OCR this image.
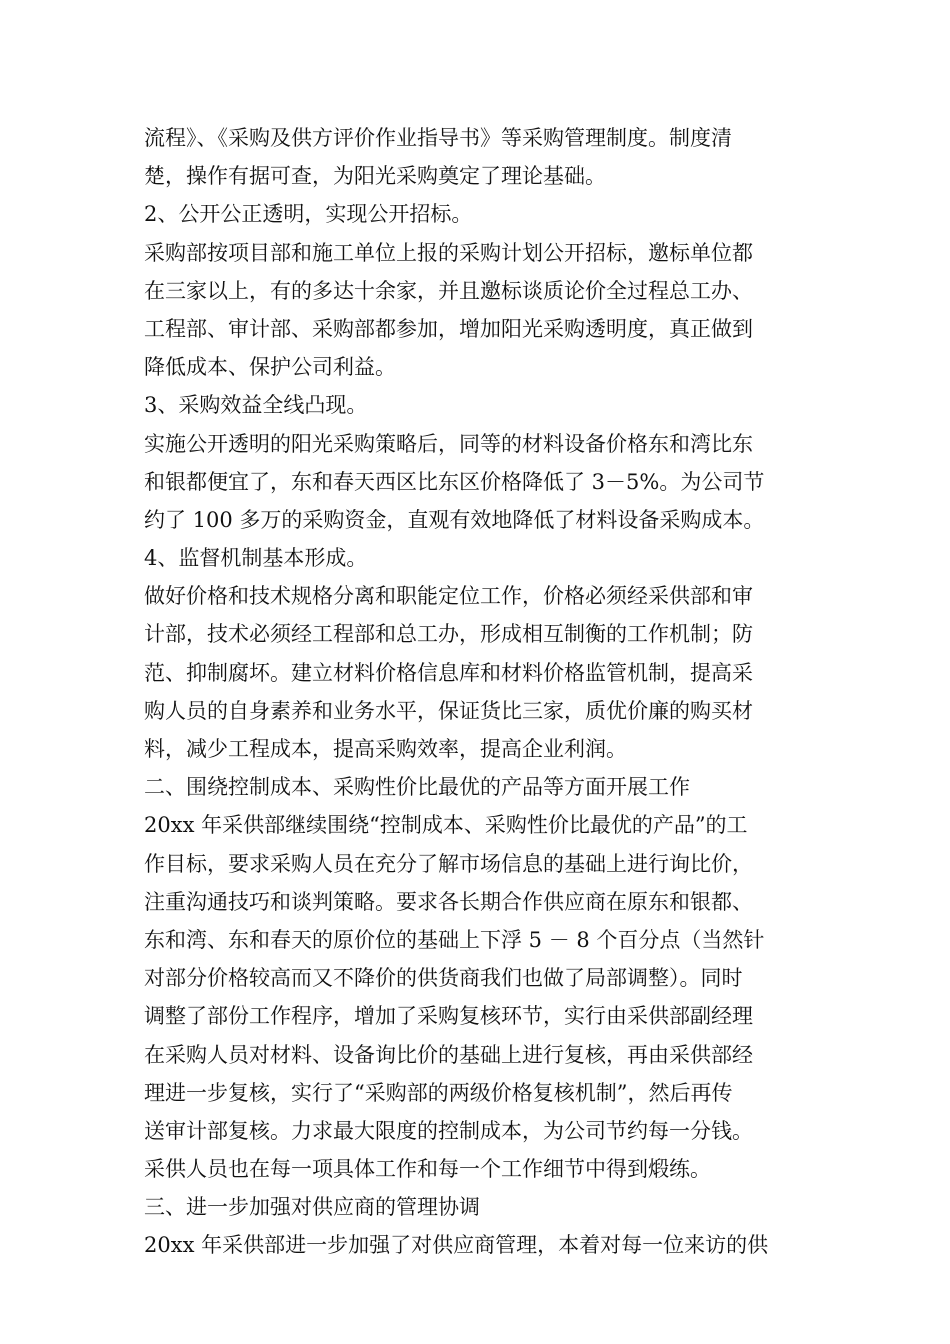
流程》、《采购及供方评价作业指导书》等采购管理制度。制度清
楚，操作有据可查，为阳光采购奠定了理论基础。
2、公开公正透明，实现公开招标。
采购部按项目部和施工单位上报的采购计划公开招标，邀标单位都
在三家以上，有的多达十余家，并且邀标谈质论价全过程总工办、
工程部、审计部、采购部都参加，增加阳光采购透明度，真正做到
降低成本、保护公司利益。
3、采购效益全线凸现。
实施公开透明的阳光采购策略后，同等的材料设备价格东和湾比东
和银都便宜了，东和春天西区比东区价格降低了 3－5%。为公司节
约了 100 多万的采购资金，直观有效地降低了材料设备采购成本。
4、监督机制基本形成。
做好价格和技术规格分离和职能定位工作，价格必须经采供部和审
计部，技术必须经工程部和总工办，形成相互制衡的工作机制；防
范、抑制腐坏。建立材料价格信息库和材料价格监管机制，提高采
购人员的自身素养和业务水平，保证货比三家，质优价廉的购买材
料，减少工程成本，提高采购效率，提高企业利润。
二、围绕控制成本、采购性价比最优的产品等方面开展工作
20xx 年采供部继续围绕“控制成本、采购性价比最优的产品”的工
作目标，要求采购人员在充分了解市场信息的基础上进行询比价，
注重沟通技巧和谈判策略。要求各长期合作供应商在原东和银都、
东和湾、东和春天的原价位的基础上下浮 5 － 8 个百分点（当然针
对部分价格较高而又不降价的供货商我们也做了局部调整）。同时
调整了部份工作程序，增加了采购复核环节，实行由采供部副经理
在采购人员对材料、设备询比价的基础上进行复核，再由采供部经
理进一步复核，实行了“采购部的两级价格复核机制”，然后再传
送审计部复核。力求最大限度的控制成本，为公司节约每一分钱。
采供人员也在每一项具体工作和每一个工作细节中得到煅练。
三、进一步加强对供应商的管理协调
20xx 年采供部进一步加强了对供应商管理，本着对每一位来访的供
